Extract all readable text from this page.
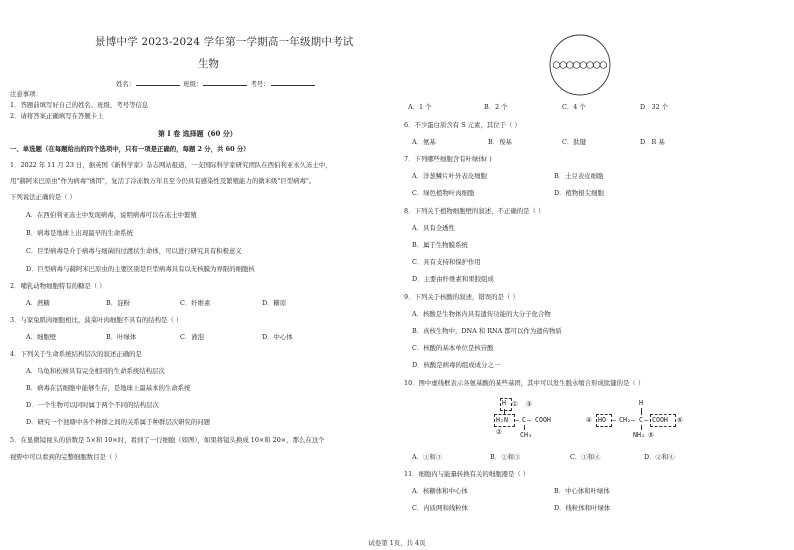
景博中学 2023-2024 学年第一学期高一年级期中考试
生物
姓名：	班级：	考号：
注意事项：
1．答题前填写好自己的姓名、班级、考号等信息
2．请将答案正确填写在答题卡上
第 I 卷 选择题（60 分）
一、单选题（在每题给出的四个选项中，只有一项是正确的，每题 2 分，共 60 分）
1．2022 年 11 月 23 日，据英国《新科学家》杂志网站报道，一支国际科学家研究团队在西伯利亚永久冻土中，
用"赫阿米巴原虫"作为病毒"诱饵"，复活了冷冻数万年且至今仍具有感染性及繁殖能力的微米级"巨型病毒"。
下列说法正确的是（ ）
A．在西伯利亚冻土中发现病毒，说明病毒可以在冻土中繁殖
B．病毒是地球上出现最早的生命系统
C．巨型病毒是介于病毒与细菌的过渡状生命体，可以进行研究具有积极意义
D．巨型病毒与赫阿米巴原虫的主要区别是巨型病毒具有以无核膜为界限的细胞核
2．哺乳动物细胞特有的糖是（ ）
A．蔗糖	B．淀粉	C．纤维素	D．糖原
3．与家兔肌肉细胞相比，菠菜叶肉细胞不具有的结构是（ ）
A．细胞壁	B．叶绿体	C．液泡	D．中心体
4．下列关于生命系统结构层次的叙述正确的是
A．乌龟和松树具有完全相同的生命系统结构层次
B．病毒在活细胞中能够生存，是地球上最基本的生命系统
D．一个生物可以同时属于两个不同的结构层次
D．研究一个池塘中各个种群之间的关系属于种群层次研究的问题
5．在显微镜视头的倍数是 5×和 10×时，看到了一行细胞（如图），如果将镜头换成 10×和 20×，那么在这个
视野中可以看到的完整细胞数目是（ ）
A．1 个	B．2 个	C．4 个	D．32 个
6．不少蛋白质含有 S 元素，其位于（ ）
A．氨基	B．羧基	C．肽键	D．R 基
7．下列哪些细胞含有叶绿体( )
A．洋葱鳞片叶外表皮细胞	B．土豆表皮细胞
C．绿色植物叶肉细胞	D．植物根尖细胞
8．下列关于植物细胞壁的叙述，不正确的是（ ）
A．具有全透性
B．属于生物膜系统
C．具有支持和保护作用
D．主要由纤维素和果胶组成
9．下列关于核酸的叙述，错误的是（ ）
A．核酸是生物体内具有遗传功能的大分子化合物
B．真核生物中，DNA 和 RNA 都可以作为遗传物质
C．核酸的基本单位是核苷酸
D．核酸是病毒的组成成分之一
10．图中虚线框表示各氨基酸的某些基团，其中可以发生脱水缩合形成肽键的是（ ）
H ①
H₂N — C — COOH
③
②	CH₃
HO — CH₂ — C — COOH
H
NH₂
④
⑤
⑥
A．①和③	B．②和③	C．①和④	D．②和④
11．细胞内与能量转换有关的细胞器是（ ）
A．核糖体和中心体	B．中心体和叶绿体
C．内质网和线粒体	D．线粒体和叶绿体
试卷第 1页，共 4页
